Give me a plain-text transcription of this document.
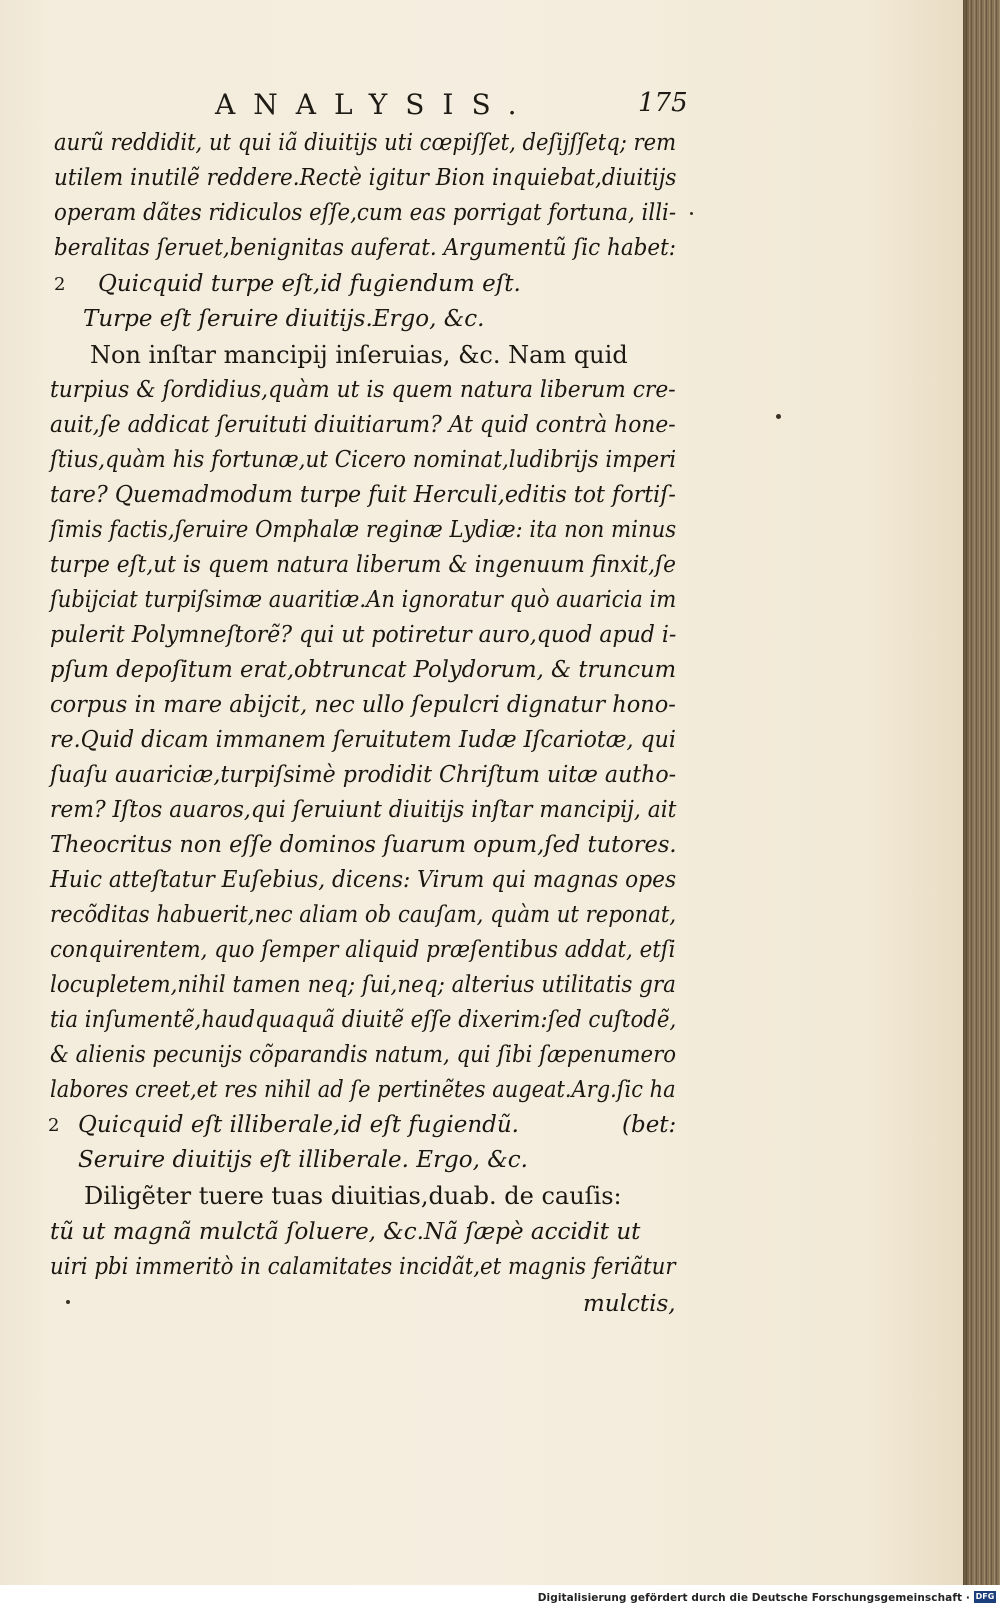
ANALYSIS.	175
aurũ reddidit, ut qui iã diuitijs uti cœpiſſet, deſijſſetq; rem
utilem inutilẽ reddere.Rectè igitur Bion inquiebat,diuitijs
operam dãtes ridiculos eſſe,cum eas porrigat fortuna, illi-
beralitas ſeruet,benignitas auferat. Argumentũ ſic habet:
2 Quicquid turpe eſt,id fugiendum eſt.
Turpe eſt ſeruire diuitijs.Ergo, &c.
Non inſtar mancipij inſeruias, &c. Nam quid
turpius & ſordidius,quàm ut is quem natura liberum cre-
auit,ſe addicat ſeruituti diuitiarum? At quid contrà hone-
ſtius,quàm his fortunæ,ut Cicero nominat,ludibrijs imperi
tare? Quemadmodum turpe fuit Herculi,editis tot fortiſ-
ſimis factis,ſeruire Omphalæ reginæ Lydiæ: ita non minus
turpe eſt,ut is quem natura liberum & ingenuum finxit,ſe
ſubijciat turpiſsimæ auaritiæ.An ignoratur quò auaricia im
pulerit Polymneſtorẽ? qui ut potiretur auro,quod apud i-
pſum depoſitum erat,obtruncat Polydorum, & truncum
corpus in mare abijcit, nec ullo ſepulcri dignatur hono-
re.Quid dicam immanem ſeruitutem Iudæ Iſcariotæ, qui
ſuaſu auariciæ,turpiſsimè prodidit Chriſtum uitæ autho-
rem? Iſtos auaros,qui ſeruiunt diuitijs inſtar mancipij, ait
Theocritus non eſſe dominos ſuarum opum,ſed tutores.
Huic atteſtatur Euſebius, dicens: Virum qui magnas opes
recõditas habuerit,nec aliam ob cauſam, quàm ut reponat,
conquirentem, quo ſemper aliquid præſentibus addat, etſi
locupletem,nihil tamen neq; ſui,neq; alterius utilitatis gra
tia inſumentẽ,haudquaquã diuitẽ eſſe dixerim:ſed cuſtodẽ,
& alienis pecunijs cõparandis natum, qui ſibi ſæpenumero
labores creet,et res nihil ad ſe pertinẽtes augeat.Arg.ſic ha
2 Quicquid eſt illiberale,id eſt fugiendũ.	(bet:
Seruire diuitijs eſt illiberale. Ergo, &c.
Diligẽter tuere tuas diuitias,duab. de cauſis:
tũ ut magnã mulctã ſoluere, &c.Nã ſæpè accidit ut
uiri pbi immeritò in calamitates incidãt,et magnis feriãtur
mulctis,
Digitalisierung gefördert durch die Deutsche Forschungsgemeinschaft · DFG
